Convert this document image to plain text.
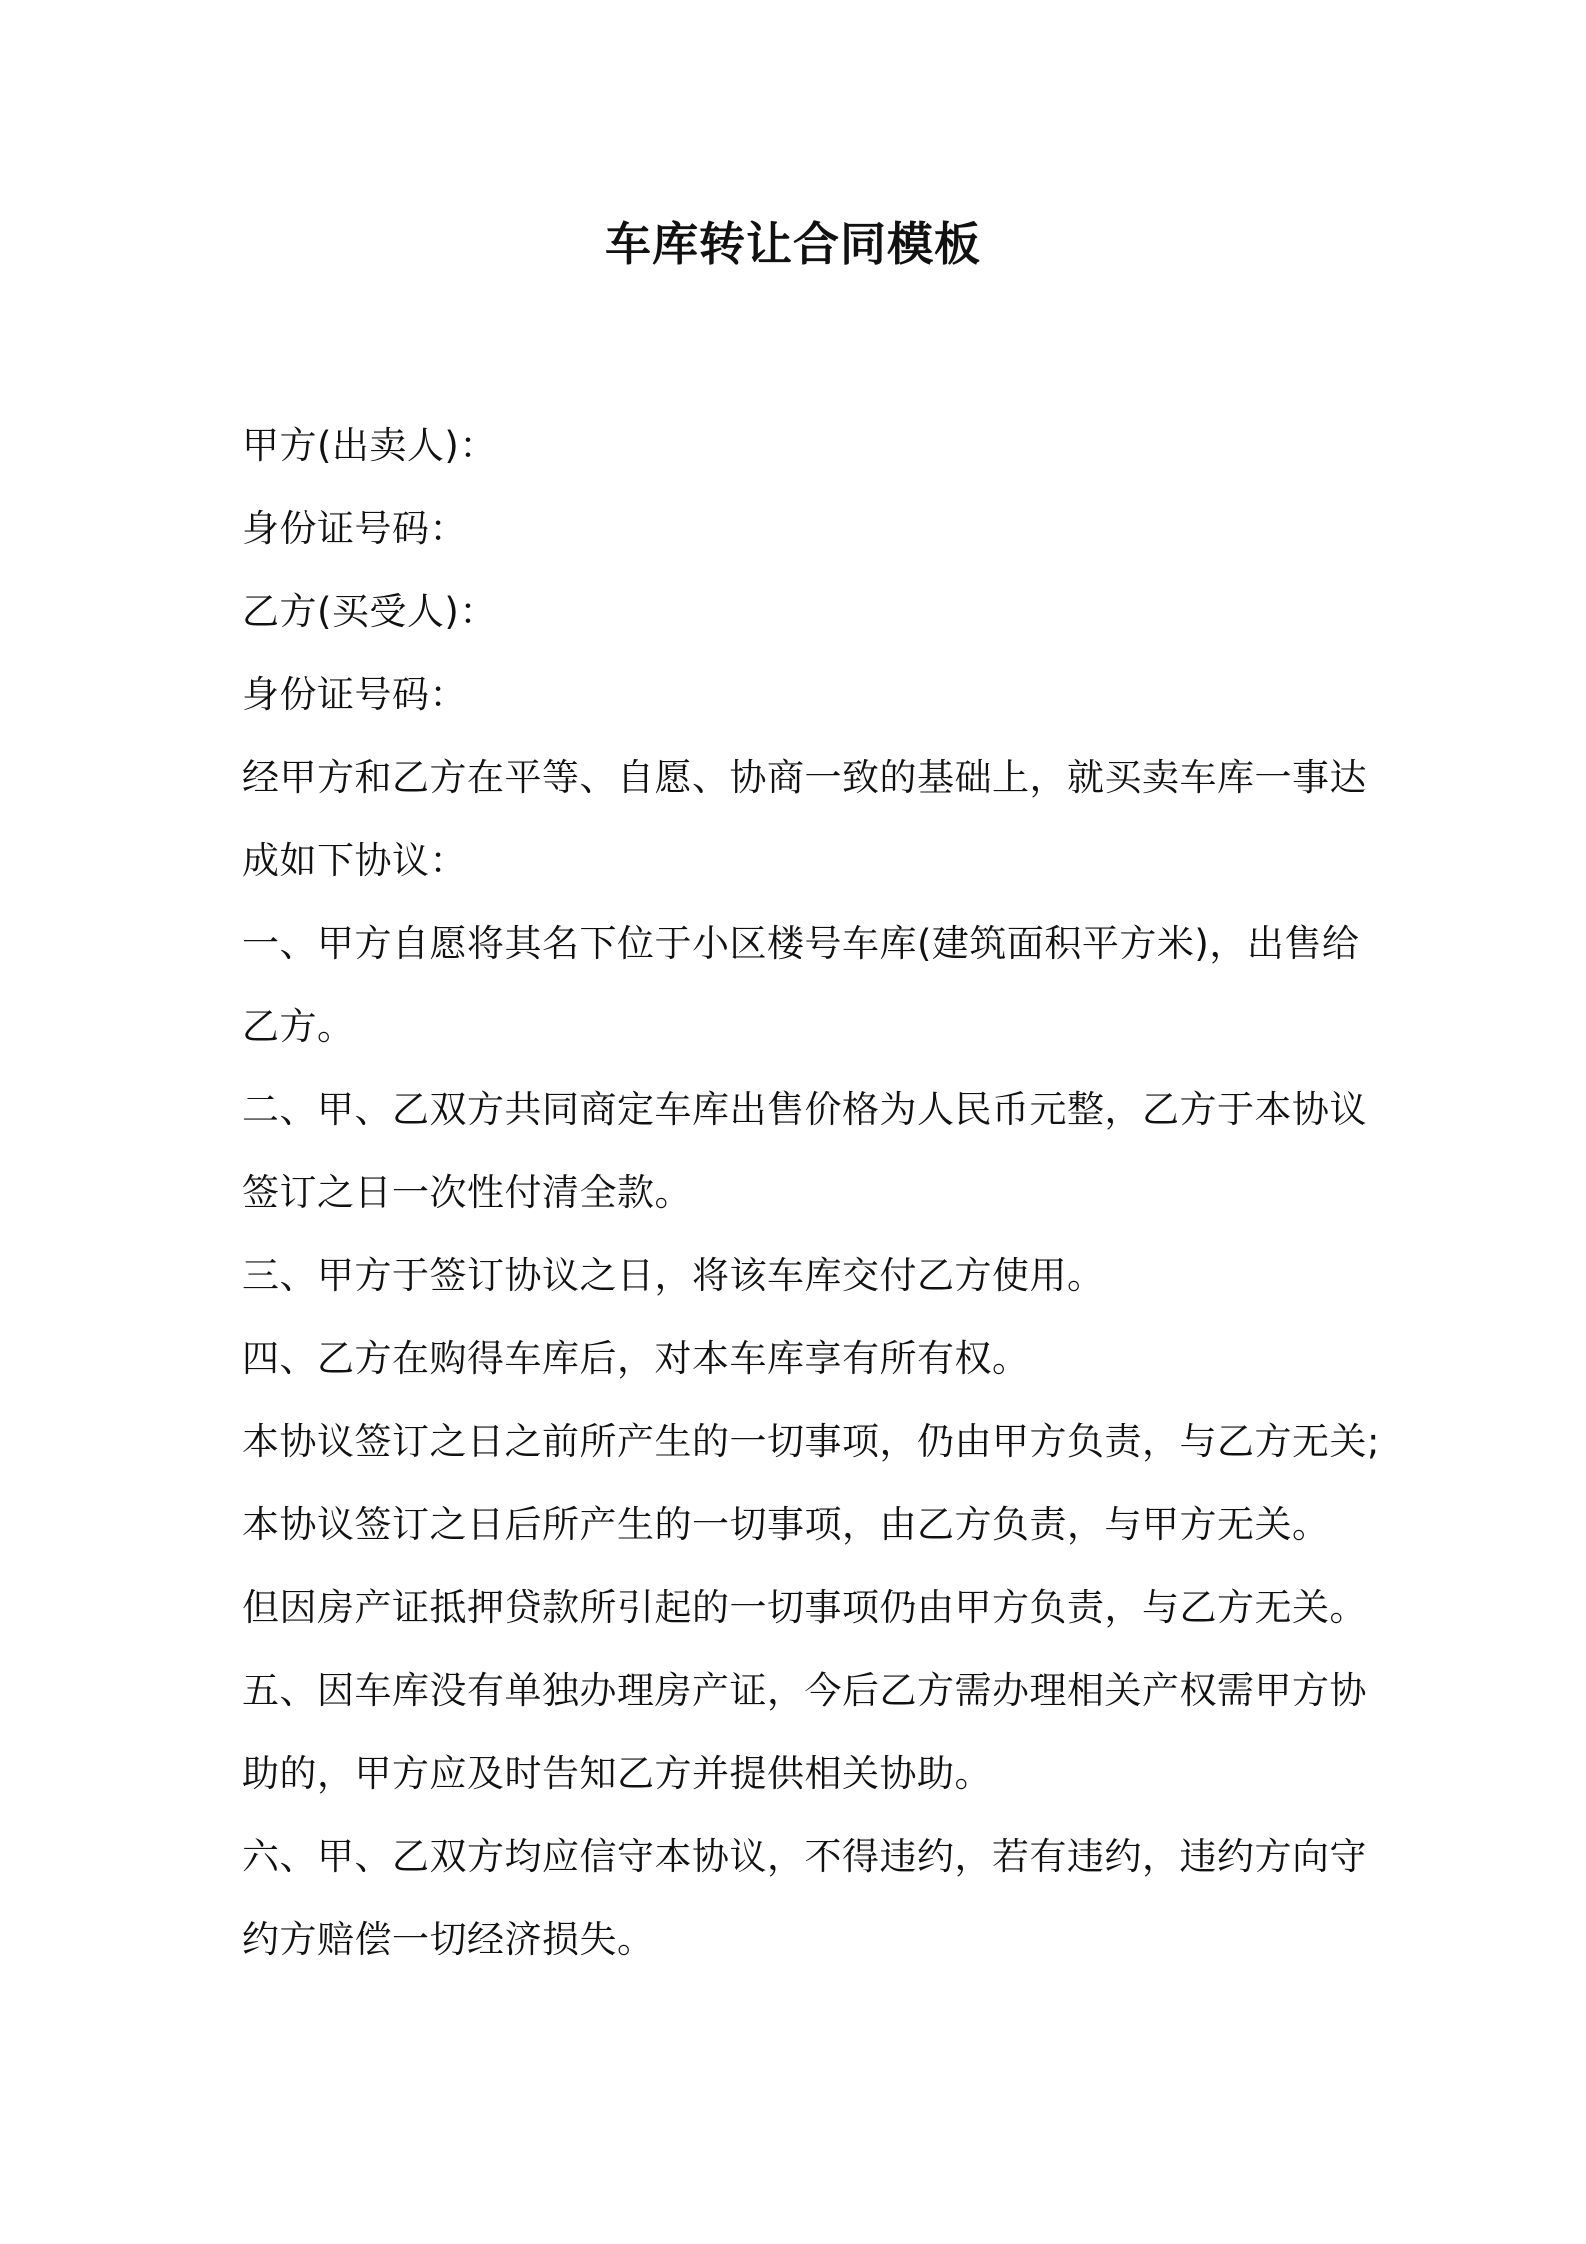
车库转让合同模板
甲方(出卖人)：
身份证号码：
乙方(买受人)：
身份证号码：
经甲方和乙方在平等、自愿、协商一致的基础上，就买卖车库一事达
成如下协议：
一、甲方自愿将其名下位于小区楼号车库(建筑面积平方米)，出售给
乙方。
二、甲、乙双方共同商定车库出售价格为人民币元整，乙方于本协议
签订之日一次性付清全款。
三、甲方于签订协议之日，将该车库交付乙方使用。
四、乙方在购得车库后，对本车库享有所有权。
本协议签订之日之前所产生的一切事项，仍由甲方负责，与乙方无关;
本协议签订之日后所产生的一切事项，由乙方负责，与甲方无关。
但因房产证抵押贷款所引起的一切事项仍由甲方负责，与乙方无关。
五、因车库没有单独办理房产证，今后乙方需办理相关产权需甲方协
助的，甲方应及时告知乙方并提供相关协助。
六、甲、乙双方均应信守本协议，不得违约，若有违约，违约方向守
约方赔偿一切经济损失。
